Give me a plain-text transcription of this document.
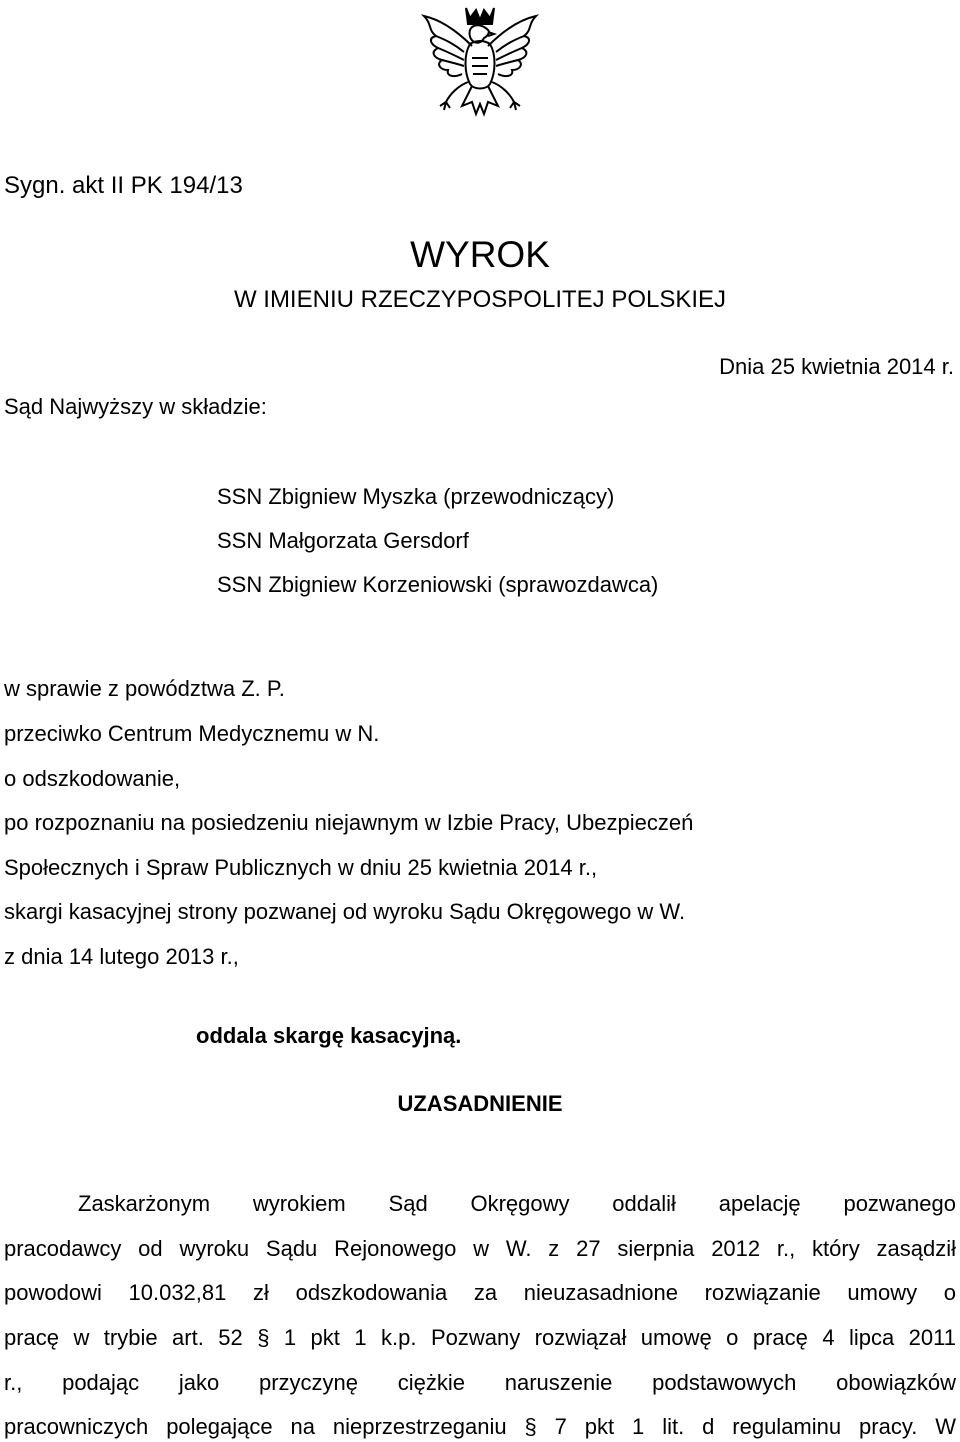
Sygn. akt II PK 194/13
WYROK
W IMIENIU RZECZYPOSPOLITEJ POLSKIEJ
Dnia 25 kwietnia 2014 r.
Sąd Najwyższy w składzie:
SSN Zbigniew Myszka (przewodniczący)
SSN Małgorzata Gersdorf
SSN Zbigniew Korzeniowski (sprawozdawca)
w sprawie z powództwa Z. P.
przeciwko Centrum Medycznemu w N.
o odszkodowanie,
po rozpoznaniu na posiedzeniu niejawnym w Izbie Pracy, Ubezpieczeń
Społecznych i Spraw Publicznych w dniu 25 kwietnia 2014 r.,
skargi kasacyjnej strony pozwanej od wyroku Sądu Okręgowego w W.
z dnia 14 lutego 2013 r.,
oddala skargę kasacyjną.
UZASADNIENIE
Zaskarżonym wyrokiem Sąd Okręgowy oddalił apelację pozwanego
pracodawcy od wyroku Sądu Rejonowego w W. z 27 sierpnia 2012 r., który zasądził
powodowi 10.032,81 zł odszkodowania za nieuzasadnione rozwiązanie umowy o
pracę w trybie art. 52 § 1 pkt 1 k.p. Pozwany rozwiązał umowę o pracę 4 lipca 2011
r., podając jako przyczynę ciężkie naruszenie podstawowych obowiązków
pracowniczych polegające na nieprzestrzeganiu § 7 pkt 1 lit. d regulaminu pracy. W
